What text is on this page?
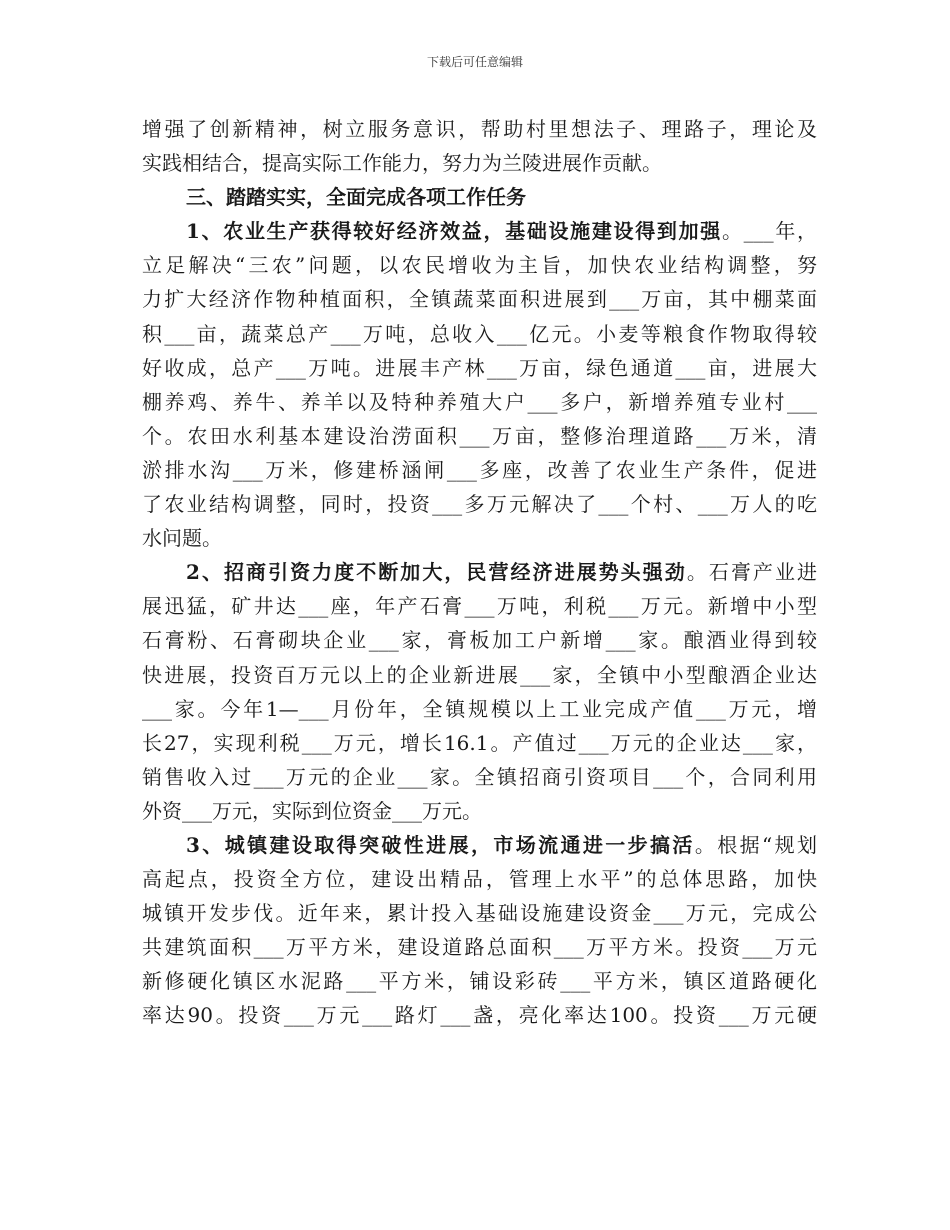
下载后可任意编辑
增强了创新精神，树立服务意识，帮助村里想法子、理路子，理论及
实践相结合，提高实际工作能力，努力为兰陵进展作贡献。
三、踏踏实实，全面完成各项工作任务
1、农业生产获得较好经济效益，基础设施建设得到加强。___年，
立足解决“三农”问题，以农民增收为主旨，加快农业结构调整，努
力扩大经济作物种植面积，全镇蔬菜面积进展到___万亩，其中棚菜面
积___亩，蔬菜总产___万吨，总收入___亿元。小麦等粮食作物取得较
好收成，总产___万吨。进展丰产林___万亩，绿色通道___亩，进展大
棚养鸡、养牛、养羊以及特种养殖大户___多户，新增养殖专业村___
个。农田水利基本建设治涝面积___万亩，整修治理道路___万米，清
淤排水沟___万米，修建桥涵闸___多座，改善了农业生产条件，促进
了农业结构调整，同时，投资___多万元解决了___个村、___万人的吃
水问题。
2、招商引资力度不断加大，民营经济进展势头强劲。石膏产业进
展迅猛，矿井达___座，年产石膏___万吨，利税___万元。新增中小型
石膏粉、石膏砌块企业___家，膏板加工户新增___家。酿酒业得到较
快进展，投资百万元以上的企业新进展___家，全镇中小型酿酒企业达
___家。今年1—___月份年，全镇规模以上工业完成产值___万元，增
长27，实现利税___万元，增长16.1。产值过___万元的企业达___家，
销售收入过___万元的企业___家。全镇招商引资项目___个，合同利用
外资___万元，实际到位资金___万元。
3、城镇建设取得突破性进展，市场流通进一步搞活。根据“规划
高起点，投资全方位，建设出精品，管理上水平”的总体思路，加快
城镇开发步伐。近年来，累计投入基础设施建设资金___万元，完成公
共建筑面积___万平方米，建设道路总面积___万平方米。投资___万元
新修硬化镇区水泥路___平方米，铺设彩砖___平方米，镇区道路硬化
率达90。投资___万元___路灯___盏，亮化率达100。投资___万元硬
